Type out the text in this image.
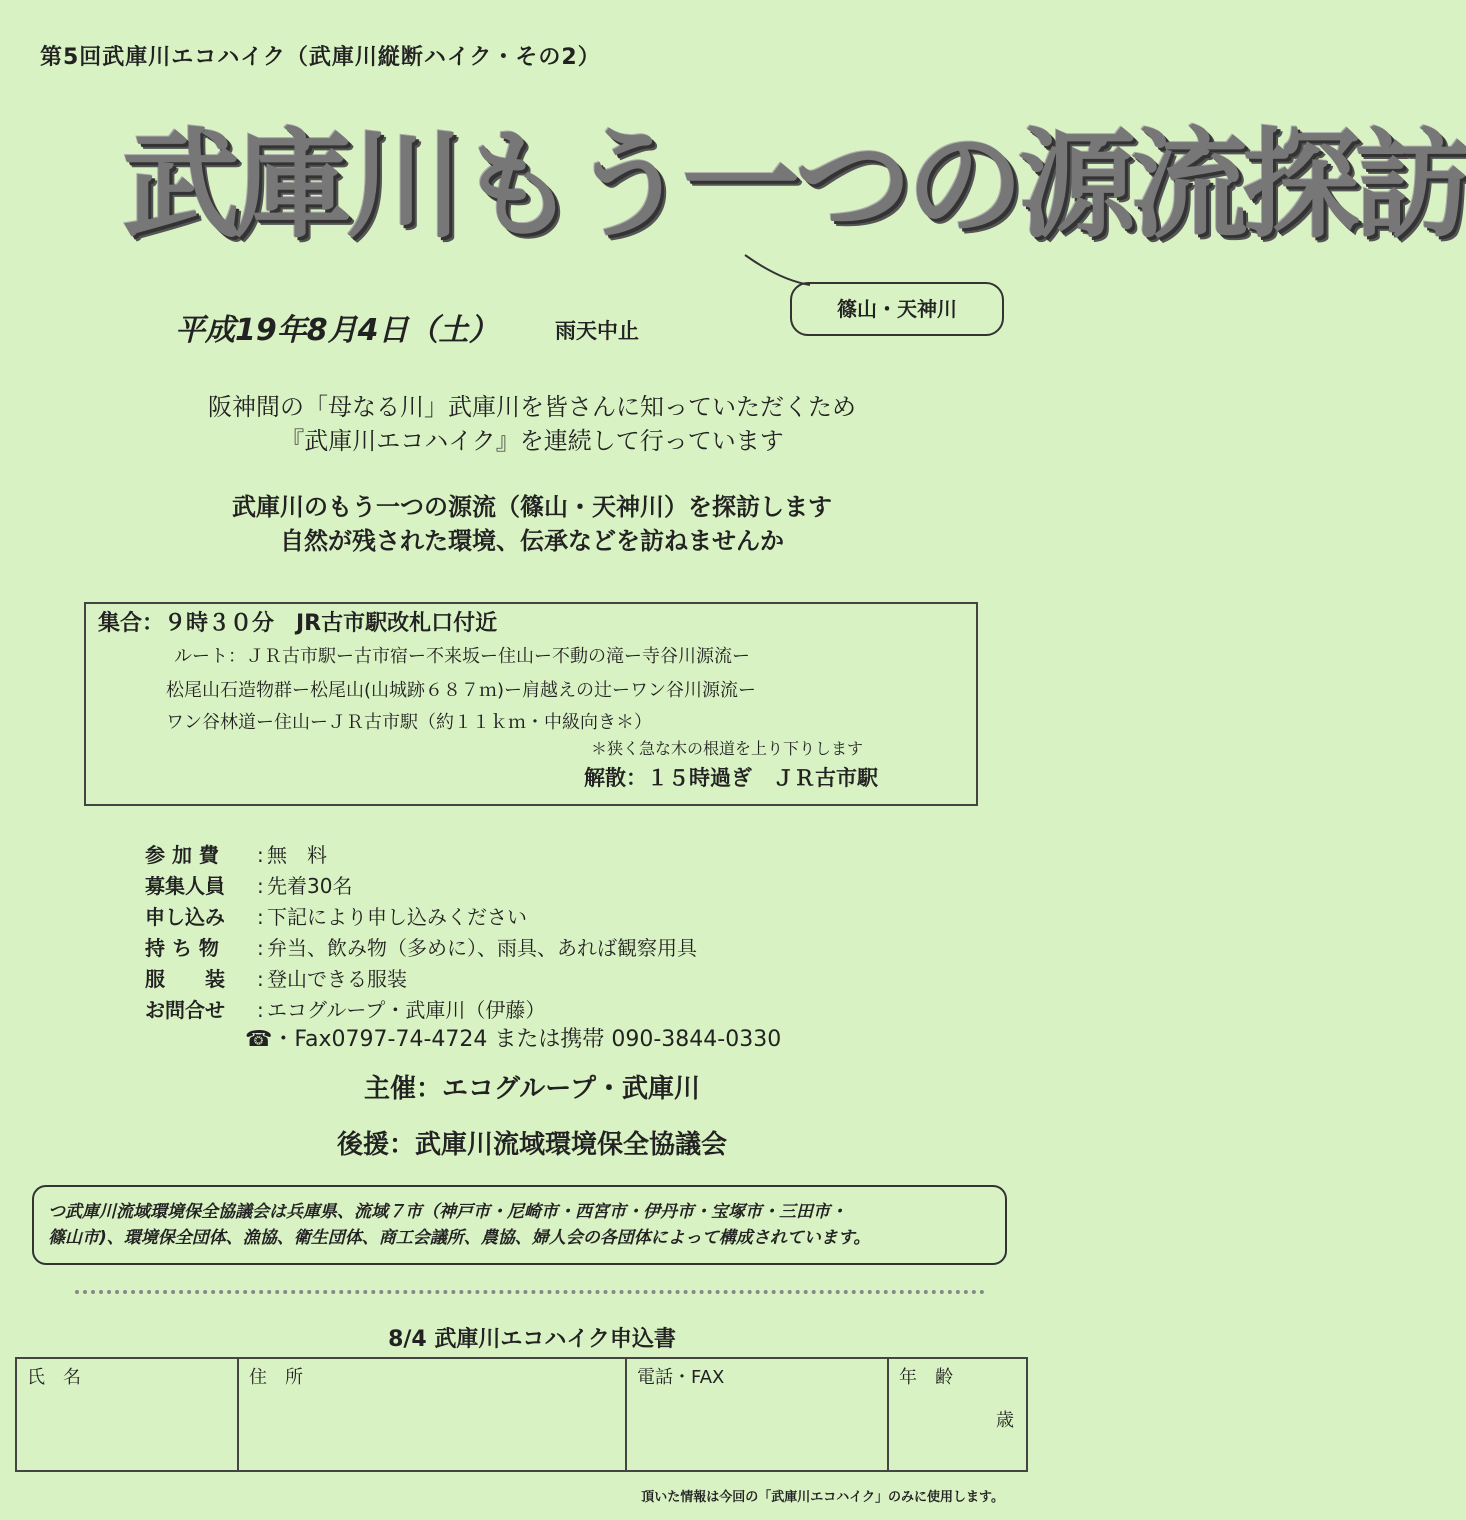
第5回武庫川エコハイク（武庫川縦断ハイク・その2）
武庫川もう一つの源流探訪
篠山・天神川
平成19年8月4日（土）	雨天中止
阪神間の「母なる川」武庫川を皆さんに知っていただくため
『武庫川エコハイク』を連続して行っています
武庫川のもう一つの源流（篠山・天神川）を探訪します
自然が残された環境、伝承などを訪ねませんか
集合：９時３０分　JR古市駅改札口付近
ルート：ＪＲ古市駅ー古市宿ー不来坂ー住山ー不動の滝ー寺谷川源流ー
松尾山石造物群ー松尾山(山城跡６８７ｍ)ー肩越えの辻ーワン谷川源流ー
ワン谷林道ー住山ーＪＲ古市駅（約１１ｋｍ・中級向き＊）
＊狭く急な木の根道を上り下りします
解散：１５時過ぎ　ＪＲ古市駅
参 加 費	: 無　料
募集人員	: 先着30名
申し込み	: 下記により申し込みください
持 ち 物	: 弁当、飲み物（多めに）、雨具、あれば観察用具
服　　装	: 登山できる服装
お問合せ	: エコグループ・武庫川（伊藤）
☎・Fax0797-74-4724 または携帯 090-3844-0330
主催：エコグループ・武庫川
後援：武庫川流域環境保全協議会
つ武庫川流域環境保全協議会は兵庫県、流域７市（神戸市・尼崎市・西宮市・伊丹市・宝塚市・三田市・
篠山市)、環境保全団体、漁協、衛生団体、商工会議所、農協、婦人会の各団体によって構成されています。
8/4 武庫川エコハイク申込書
氏　名	住　所	電話・FAX	年　齢
歳
頂いた情報は今回の「武庫川エコハイク」のみに使用します。
